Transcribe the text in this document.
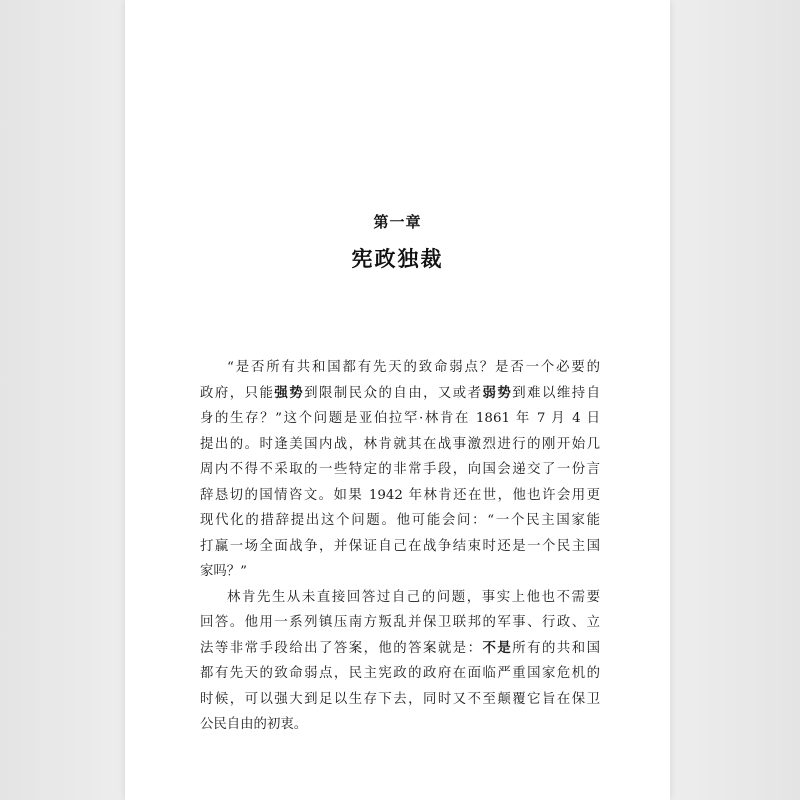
第一章
宪政独裁
“是否所有共和国都有先天的致命弱点？是否一个必要的
政府，只能强势到限制民众的自由，又或者弱势到难以维持自
身的生存？”这个问题是亚伯拉罕·林肯在 1861 年 7 月 4 日
提出的。时逢美国内战，林肯就其在战事激烈进行的刚开始几
周内不得不采取的一些特定的非常手段，向国会递交了一份言
辞恳切的国情咨文。如果 1942 年林肯还在世，他也许会用更
现代化的措辞提出这个问题。他可能会问：“一个民主国家能
打赢一场全面战争，并保证自己在战争结束时还是一个民主国
家吗？”
林肯先生从未直接回答过自己的问题，事实上他也不需要
回答。他用一系列镇压南方叛乱并保卫联邦的军事、行政、立
法等非常手段给出了答案，他的答案就是：不是所有的共和国
都有先天的致命弱点，民主宪政的政府在面临严重国家危机的
时候，可以强大到足以生存下去，同时又不至颠覆它旨在保卫
公民自由的初衷。
